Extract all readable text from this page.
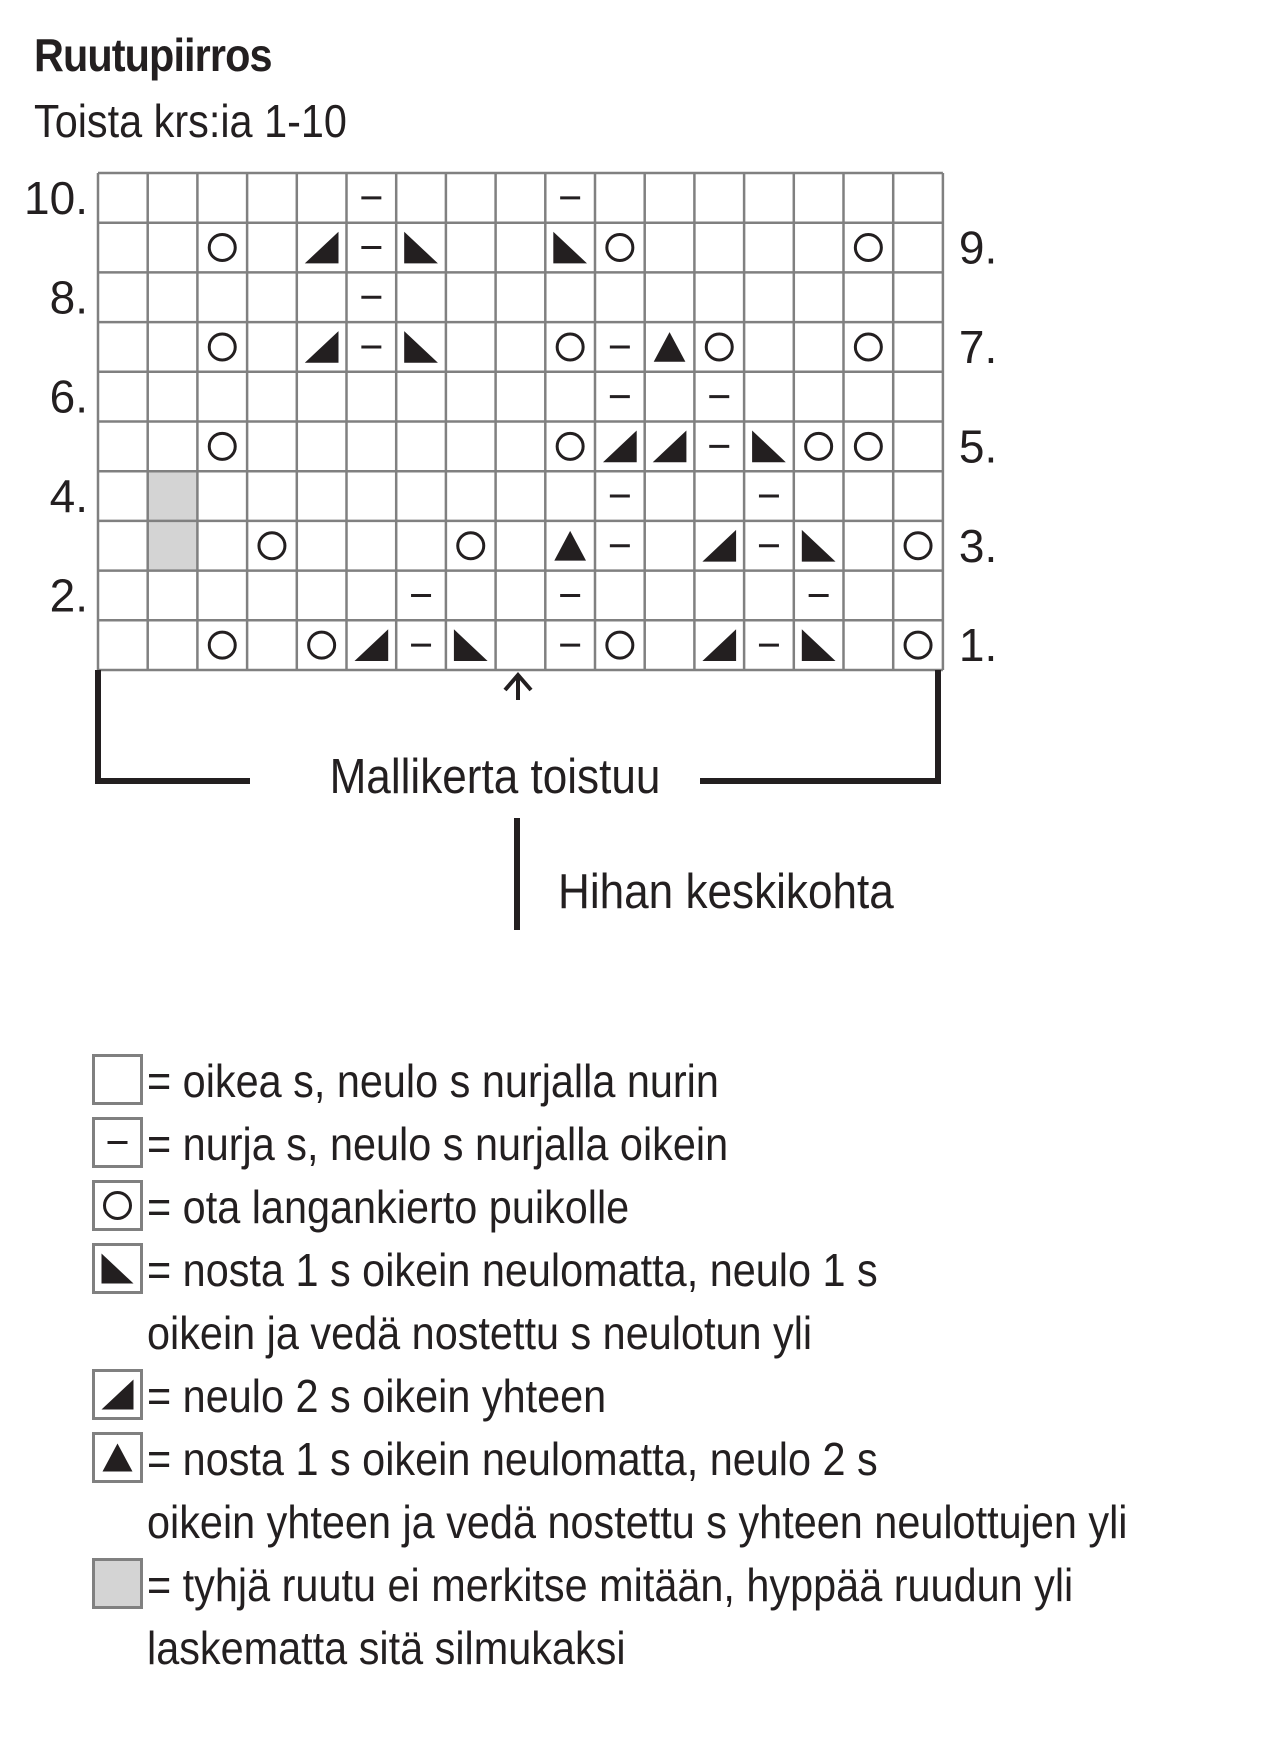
Ruutupiirros
Toista krs:ia 1-10
10.
9.
8.
7.
6.
5.
4.
3.
2.
1.
Mallikerta toistuu
Hihan keskikohta
= oikea s, neulo s nurjalla nurin
= nurja s, neulo s nurjalla oikein
= ota langankierto puikolle
= nosta 1 s oikein neulomatta, neulo 1 s
oikein ja vedä nostettu s neulotun yli
= neulo 2 s oikein yhteen
= nosta 1 s oikein neulomatta, neulo 2 s
oikein yhteen ja vedä nostettu s yhteen neulottujen yli
= tyhjä ruutu ei merkitse mitään, hyppää ruudun yli
laskematta sitä silmukaksi
